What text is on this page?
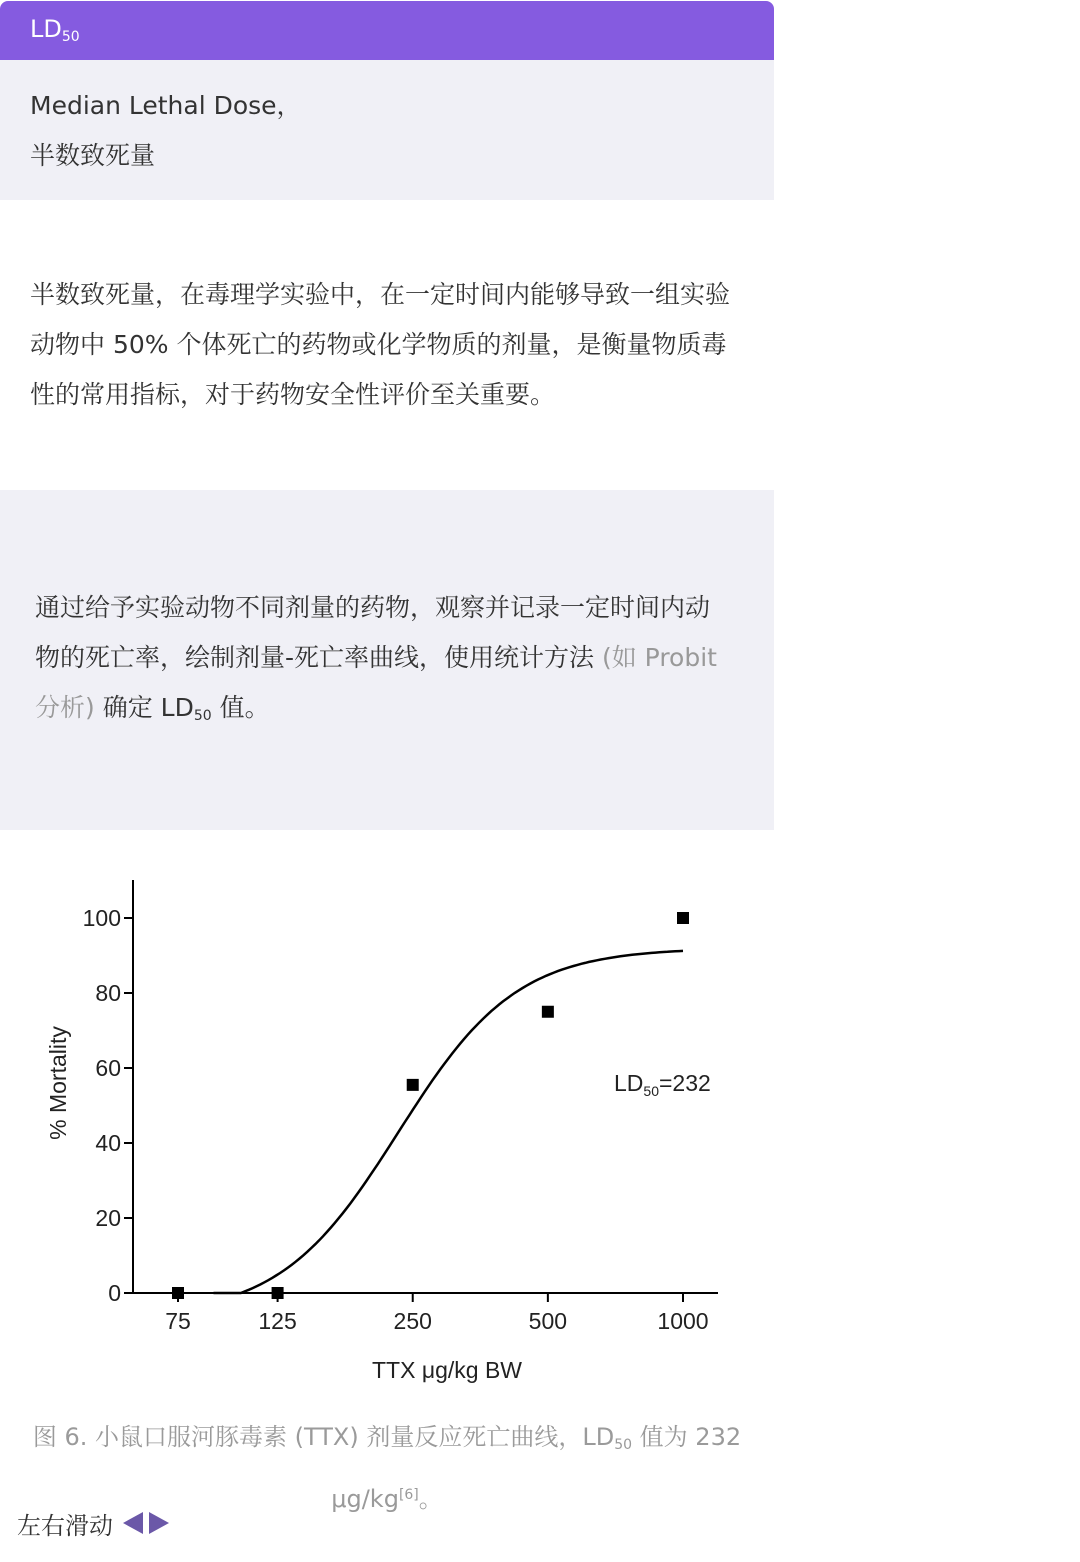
$LD_{50}$
Median Lethal Dose，
半数致死量

半数致死量，在毒理学实验中，在一定时间内能够导致一组实验动物中 50% 个体死亡的药物或化学物质的剂量，是衡量物质毒性的常用指标，对于药物安全性评价至关重要。

通过给予实验动物不同剂量的药物，观察并记录一定时间内动物的死亡率，绘制剂量-死亡率曲线，使用统计方法 (如 Probit 分析) 确定 $LD_{50}$ 值。

0
20
40
60
80
100
75	125	250	500	1000
% Mortality
TTX μg/kg BW
$LD_{50}=232$
图 6. 小鼠口服河豚毒素 (TTX) 剂量反应死亡曲线，$LD_{50}$ 值为 232 μg/kg[6]。
左右滑动
